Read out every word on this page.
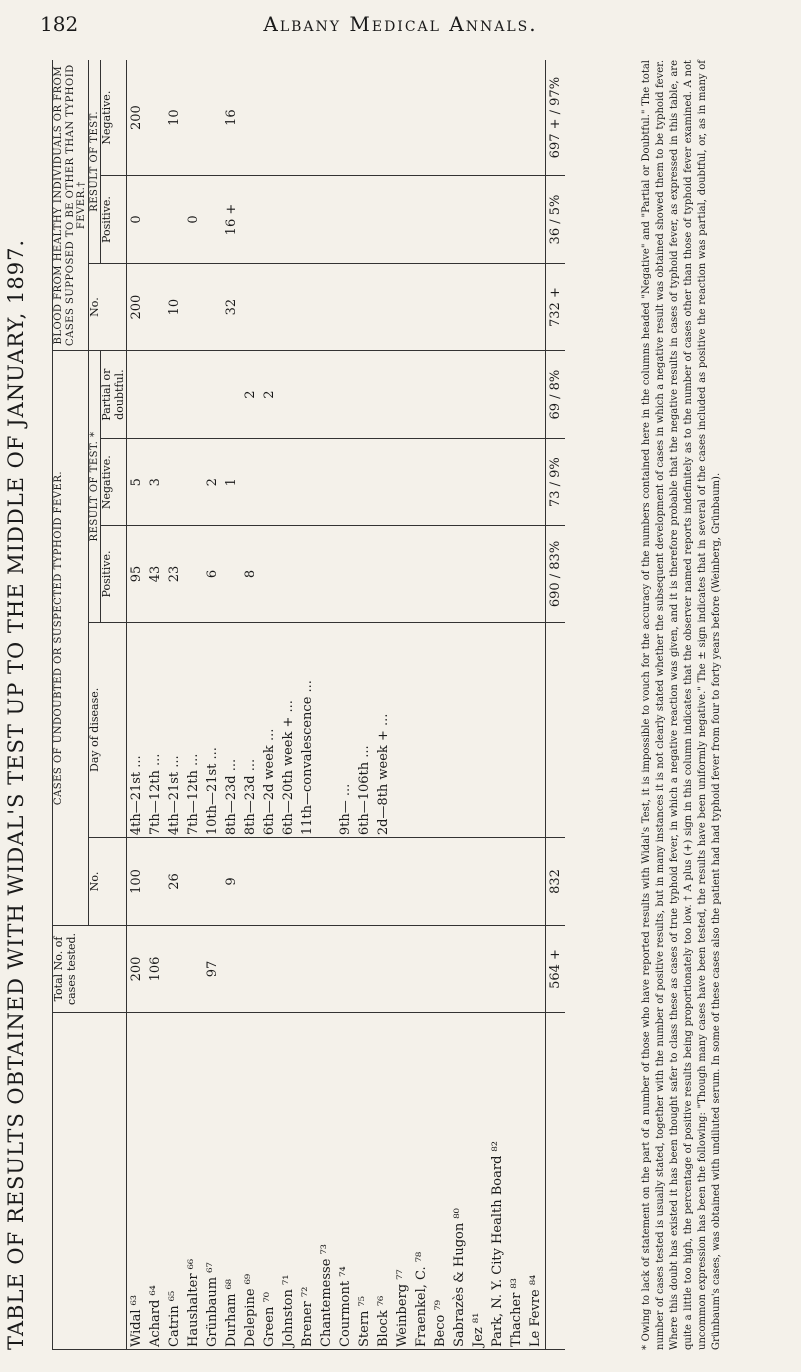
182	Albany Medical Annals.
TABLE OF RESULTS OBTAINED WITH WIDAL'S TEST UP TO THE MIDDLE OF JANUARY, 1897.
		Total No. of cases tested.	CASES OF UNDOUBTED OR SUSPECTED TYPHOID FEVER.					BLOOD FROM HEALTHY INDIVIDUALS OR FROM CASES SUPPOSED TO BE OTHER THAN TYPHOID FEVER.†		
		No.	Day of disease.	RESULT OF TEST. *			No.	RESULT OF TEST.	
				Positive.	Negative.	Partial or doubtful.		Positive.	Negative.
Widal ⁶³	200	100	4th—21st ...	95	5		200	0	200
Achard ⁶⁴	106		7th—12th ...	43	3				
Catrin ⁶⁵		26	4th—21st ...	23			10		10
Haushalter ⁶⁶			7th—12th ...					0	
Grünbaum ⁶⁷	97		10th—21st ...	6	2				
Durham ⁶⁸		9	8th—23d ...		1		32	16 +	16
Delepine ⁶⁹			8th—23d ...	8		2			
Green ⁷⁰			6th—2d week ...			2			
Johnston ⁷¹			6th—20th week + ...						
Brener ⁷²			11th—convalescence ...						
Chantemesse ⁷³									
Courmont ⁷⁴			9th— ...						
Stern ⁷⁵			6th—106th ...						
Block ⁷⁶			2d—8th week + ...						
Weinberg ⁷⁷									
Fraenkel, C. ⁷⁸									
Beco ⁷⁹									
Sabrazès & Hugon ⁸⁰									
Jez ⁸¹									
Park, N. Y. City Health Board ⁸²									
Thacher ⁸³									
Le Fevre ⁸⁴									
	564 +	832		690 / 83%	73 / 9%	69 / 8%	732 +	36 / 5%	697 + / 97%	* Owing to lack of statement on the part of a number of those who have reported results with Widal's Test, it is impossible to vouch for the accuracy of the numbers contained here in the columns headed "Negative" and "Partial or Doubtful." The total number of cases tested is usually stated, together with the number of positive results, but in many instances it is not clearly stated whether the subsequent development of cases in which a negative result was obtained showed them to be typhoid fever. Where this doubt has existed it has been thought safer to class these as cases of true typhoid fever, in which a negative reaction was given, and it is therefore probable that the negative results in cases of typhoid fever, as expressed in this table, are quite a little too high, the percentage of positive results being proportionately too low. † A plus (+) sign in this column indicates that the observer named reports indefinitely as to the number of cases other than those of typhoid fever examined. A not uncommon expression has been the following: "Though many cases have been tested, the results have been uniformly negative." The ± sign indicates that in several of the cases included as positive the reaction was partial, doubtful, or, as in many of Grünbaum's cases, was obtained with undiluted serum. In some of these cases also the patient had had typhoid fever from four to forty years before (Weinberg, Grünbaum).
